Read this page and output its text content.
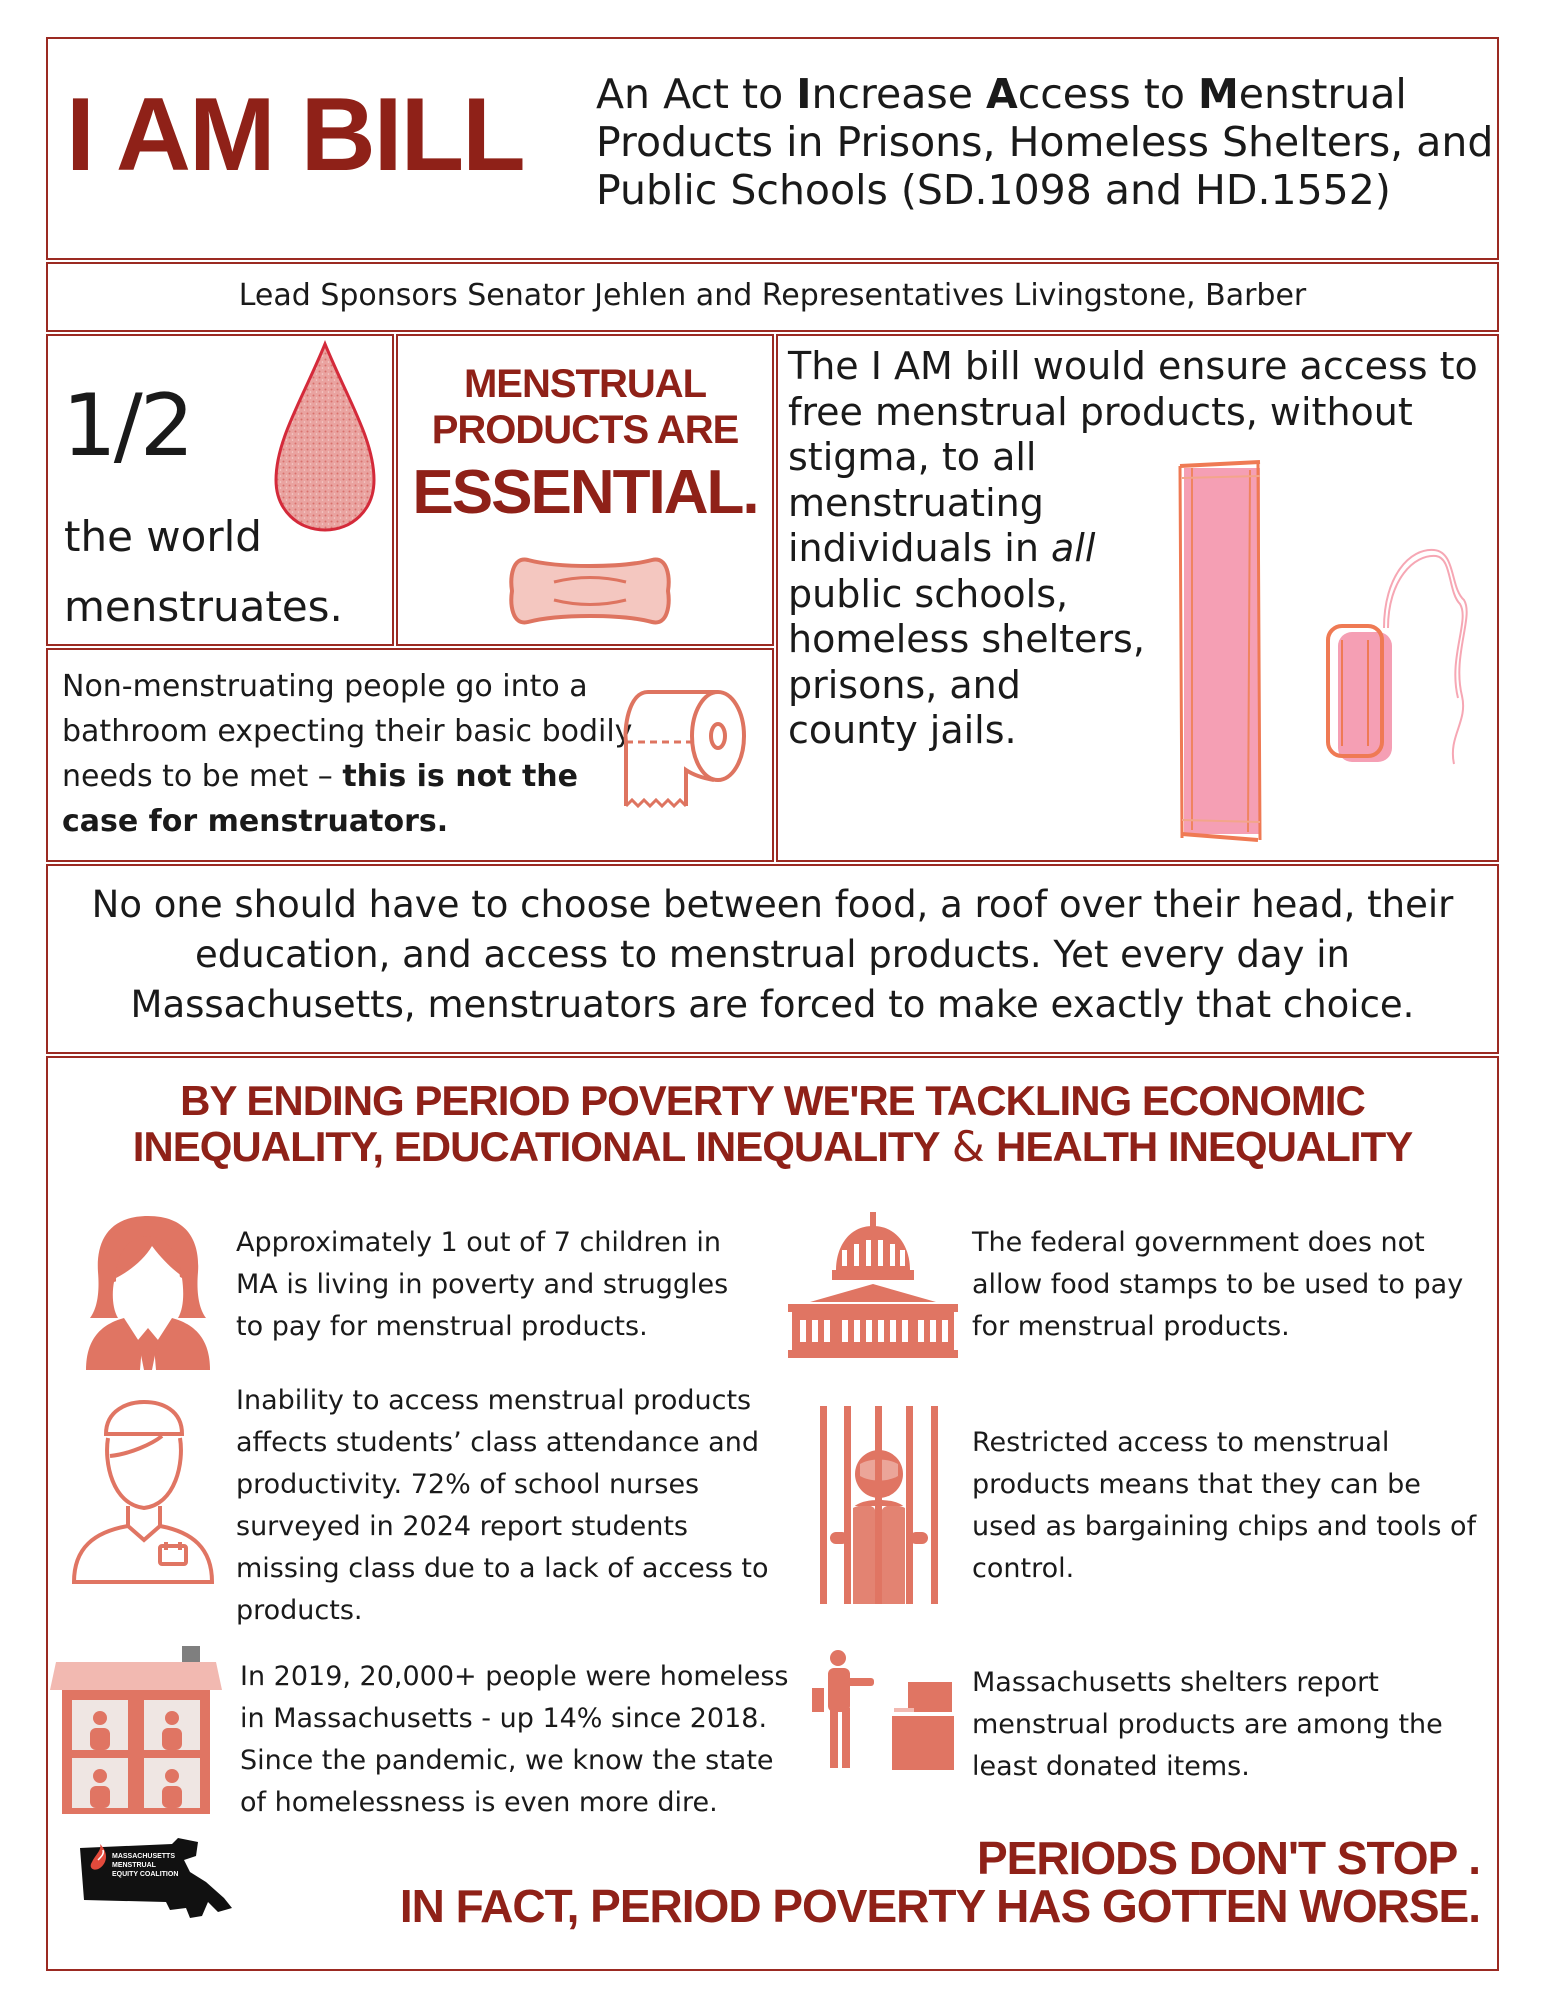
I AM BILL	An Act to Increase Access to Menstrual Products in Prisons, Homeless Shelters, and Public Schools (SD.1098 and HD.1552)
Lead Sponsors Senator Jehlen and Representatives Livingstone, Barber
1/2
the world
menstruates.
MENSTRUAL
PRODUCTS ARE
ESSENTIAL.
The I AM bill would ensure access to
free menstrual products, without
stigma, to all
menstruating
individuals in all
public schools,
homeless shelters,
prisons, and
county jails.
Non-menstruating people go into a bathroom expecting their basic bodily needs to be met – this is not the case for menstruators.
No one should have to choose between food, a roof over their head, their education, and access to menstrual products. Yet every day in Massachusetts, menstruators are forced to make exactly that choice.
BY ENDING PERIOD POVERTY WE'RE TACKLING ECONOMIC
INEQUALITY, EDUCATIONAL INEQUALITY & HEALTH INEQUALITY
Approximately 1 out of 7 children in MA is living in poverty and struggles to pay for menstrual products.
The federal government does not allow food stamps to be used to pay for menstrual products.
Inability to access menstrual products affects students’ class attendance and productivity. 72% of school nurses surveyed in 2024 report students missing class due to a lack of access to products.
Restricted access to menstrual products means that they can be used as bargaining chips and tools of control.
In 2019, 20,000+ people were homeless in Massachusetts - up 14% since 2018. Since the pandemic, we know the state of homelessness is even more dire.
Massachusetts shelters report menstrual products are among the least donated items.
MASSACHUSETTS
MENSTRUAL
EQUITY COALITION	PERIODS DON'T STOP .
IN FACT, PERIOD POVERTY HAS GOTTEN WORSE.
